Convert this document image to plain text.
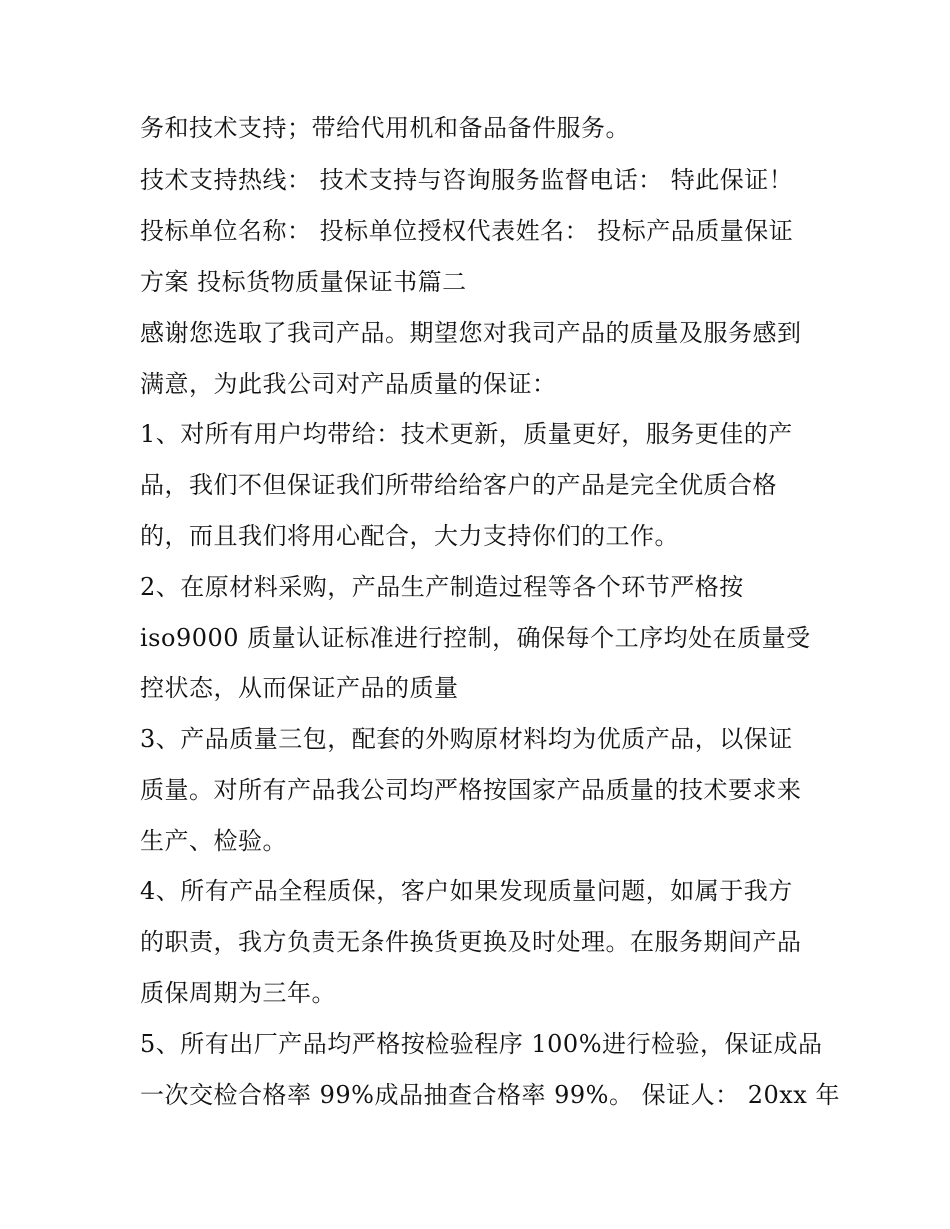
务和技术支持；带给代用机和备品备件服务。
技术支持热线： 技术支持与咨询服务监督电话： 特此保证！
投标单位名称： 投标单位授权代表姓名： 投标产品质量保证
方案 投标货物质量保证书篇二
感谢您选取了我司产品。期望您对我司产品的质量及服务感到
满意，为此我公司对产品质量的保证：
1、对所有用户均带给：技术更新，质量更好，服务更佳的产
品，我们不但保证我们所带给给客户的产品是完全优质合格
的，而且我们将用心配合，大力支持你们的工作。
2、在原材料采购，产品生产制造过程等各个环节严格按
iso9000 质量认证标准进行控制，确保每个工序均处在质量受
控状态，从而保证产品的质量
3、产品质量三包，配套的外购原材料均为优质产品，以保证
质量。对所有产品我公司均严格按国家产品质量的技术要求来
生产、检验。
4、所有产品全程质保，客户如果发现质量问题，如属于我方
的职责，我方负责无条件换货更换及时处理。在服务期间产品
质保周期为三年。
5、所有出厂产品均严格按检验程序 100%进行检验，保证成品
一次交检合格率 99%成品抽查合格率 99%。 保证人： 20xx 年
